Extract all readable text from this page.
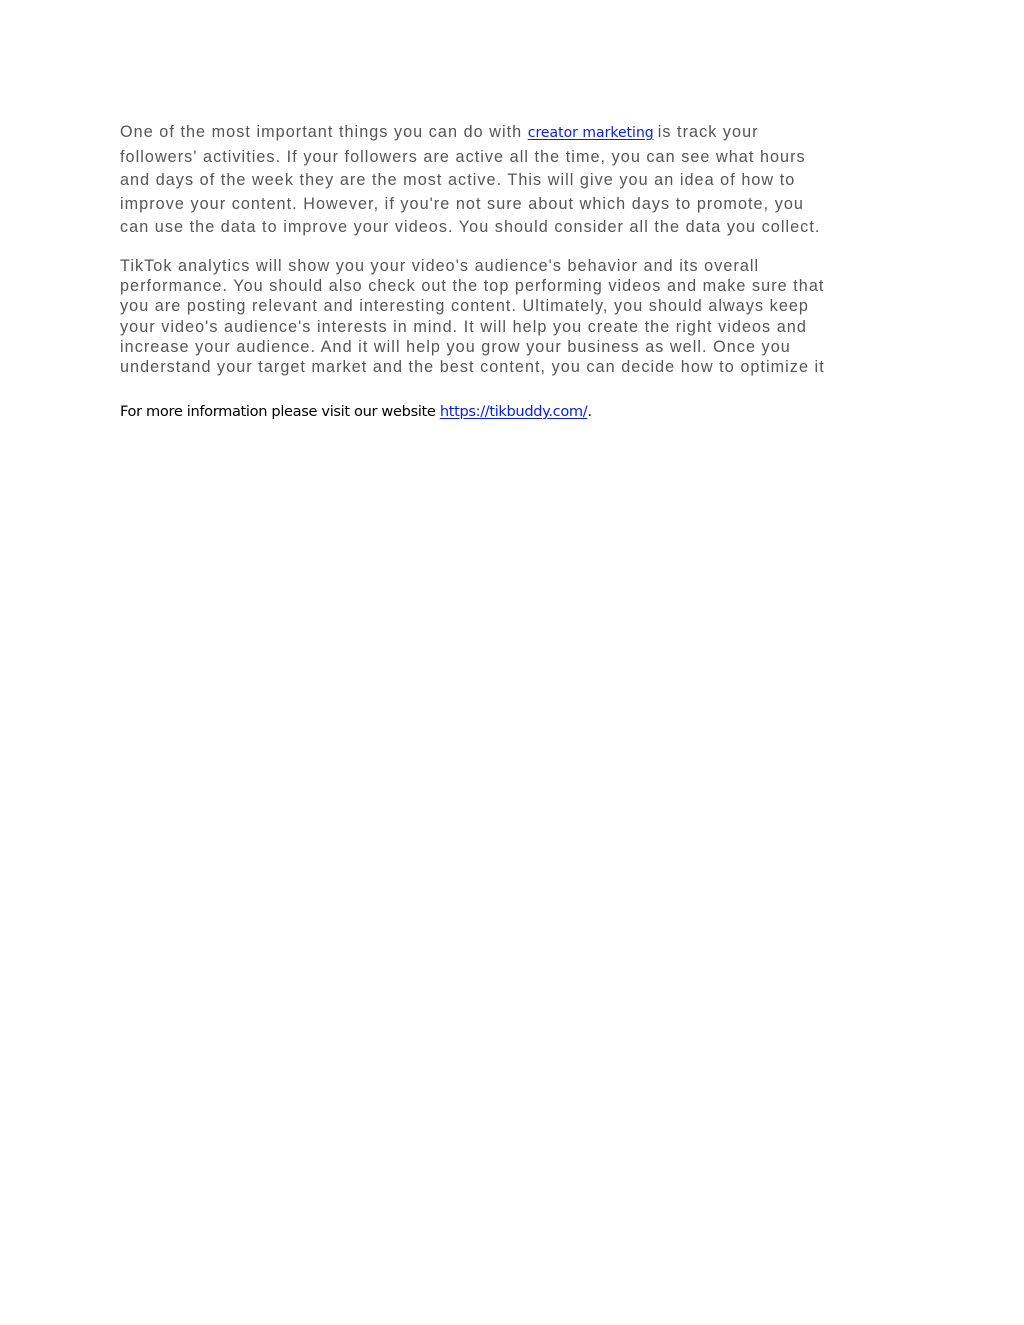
One of the most important things you can do with creator marketing is track your
followers' activities. If your followers are active all the time, you can see what hours
and days of the week they are the most active. This will give you an idea of how to
improve your content. However, if you're not sure about which days to promote, you
can use the data to improve your videos. You should consider all the data you collect.

TikTok analytics will show you your video's audience's behavior and its overall
performance. You should also check out the top performing videos and make sure that
you are posting relevant and interesting content. Ultimately, you should always keep
your video's audience's interests in mind. It will help you create the right videos and
increase your audience. And it will help you grow your business as well. Once you
understand your target market and the best content, you can decide how to optimize it

For more information please visit our website https://tikbuddy.com/.
